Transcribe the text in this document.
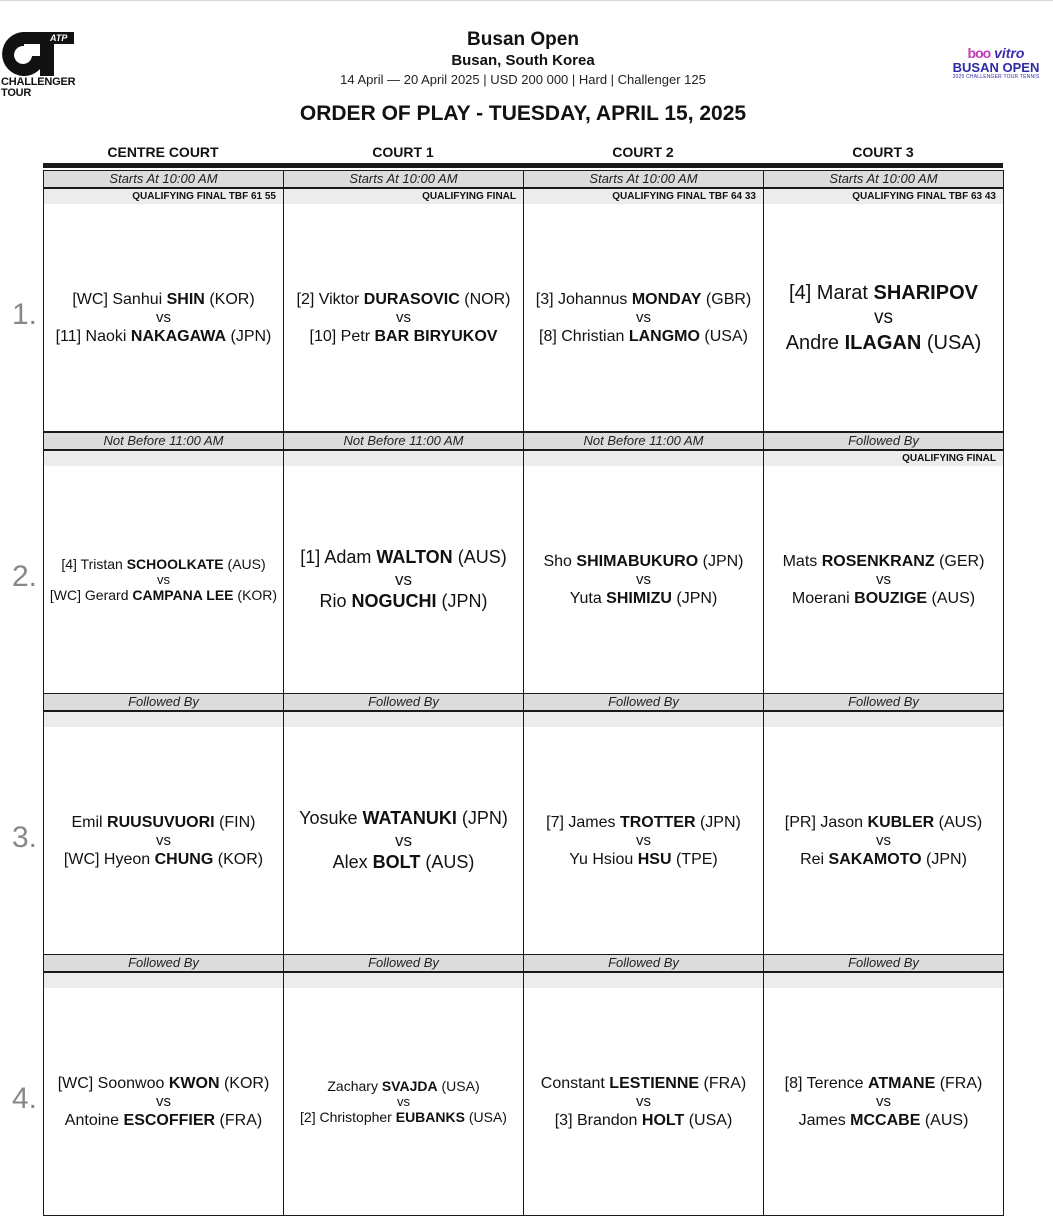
ATP
CHALLENGER
TOUR
Busan Open
Busan, South Korea
14 April — 20 April 2025 | USD 200 000 | Hard | Challenger 125
ORDER OF PLAY - TUESDAY, APRIL 15, 2025
boo vitro
BUSAN OPEN
2025 CHALLENGER TOUR TENNIS
CENTRE COURT	COURT 1	COURT 2	COURT 3
1.
Starts At 10:00 AM
QUALIFYING FINAL TBF 61 55
[WC] Sanhui SHIN (KOR)
vs
[11] Naoki NAKAGAWA (JPN)
Starts At 10:00 AM
QUALIFYING FINAL
[2] Viktor DURASOVIC (NOR)
vs
[10] Petr BAR BIRYUKOV
Starts At 10:00 AM
QUALIFYING FINAL TBF 64 33
[3] Johannus MONDAY (GBR)
vs
[8] Christian LANGMO (USA)
Starts At 10:00 AM
QUALIFYING FINAL TBF 63 43
[4] Marat SHARIPOV
vs
Andre ILAGAN (USA)
2.
Not Before 11:00 AM
[4] Tristan SCHOOLKATE (AUS)
vs
[WC] Gerard CAMPANA LEE (KOR)
Not Before 11:00 AM
[1] Adam WALTON (AUS)
vs
Rio NOGUCHI (JPN)
Not Before 11:00 AM
Sho SHIMABUKURO (JPN)
vs
Yuta SHIMIZU (JPN)
Followed By
QUALIFYING FINAL
Mats ROSENKRANZ (GER)
vs
Moerani BOUZIGE (AUS)
3.
Followed By
Emil RUUSUVUORI (FIN)
vs
[WC] Hyeon CHUNG (KOR)
Followed By
Yosuke WATANUKI (JPN)
vs
Alex BOLT (AUS)
Followed By
[7] James TROTTER (JPN)
vs
Yu Hsiou HSU (TPE)
Followed By
[PR] Jason KUBLER (AUS)
vs
Rei SAKAMOTO (JPN)
4.
Followed By
[WC] Soonwoo KWON (KOR)
vs
Antoine ESCOFFIER (FRA)
Followed By
Zachary SVAJDA (USA)
vs
[2] Christopher EUBANKS (USA)
Followed By
Constant LESTIENNE (FRA)
vs
[3] Brandon HOLT (USA)
Followed By
[8] Terence ATMANE (FRA)
vs
James MCCABE (AUS)
